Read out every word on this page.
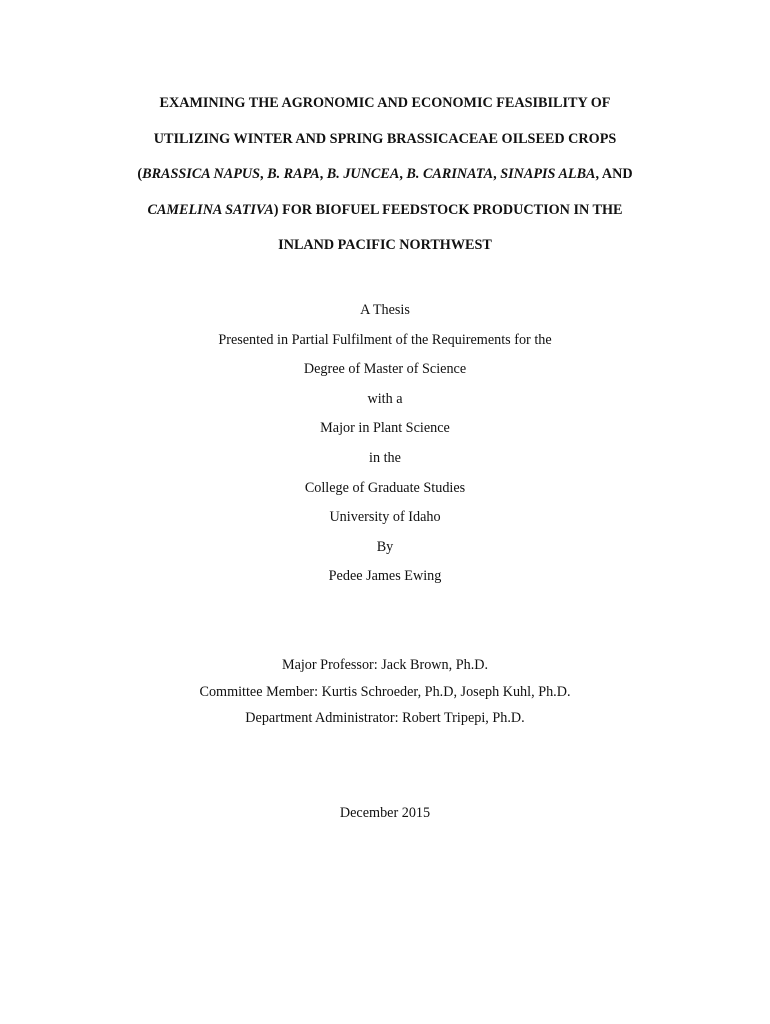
EXAMINING THE AGRONOMIC AND ECONOMIC FEASIBILITY OF
UTILIZING WINTER AND SPRING BRASSICACEAE OILSEED CROPS
(BRASSICA NAPUS, B. RAPA, B. JUNCEA, B. CARINATA, SINAPIS ALBA, AND
CAMELINA SATIVA) FOR BIOFUEL FEEDSTOCK PRODUCTION IN THE
INLAND PACIFIC NORTHWEST
A Thesis
Presented in Partial Fulfilment of the Requirements for the
Degree of Master of Science
with a
Major in Plant Science
in the
College of Graduate Studies
University of Idaho
By
Pedee James Ewing
Major Professor: Jack Brown, Ph.D.
Committee Member: Kurtis Schroeder, Ph.D, Joseph Kuhl, Ph.D.
Department Administrator: Robert Tripepi, Ph.D.
December 2015
